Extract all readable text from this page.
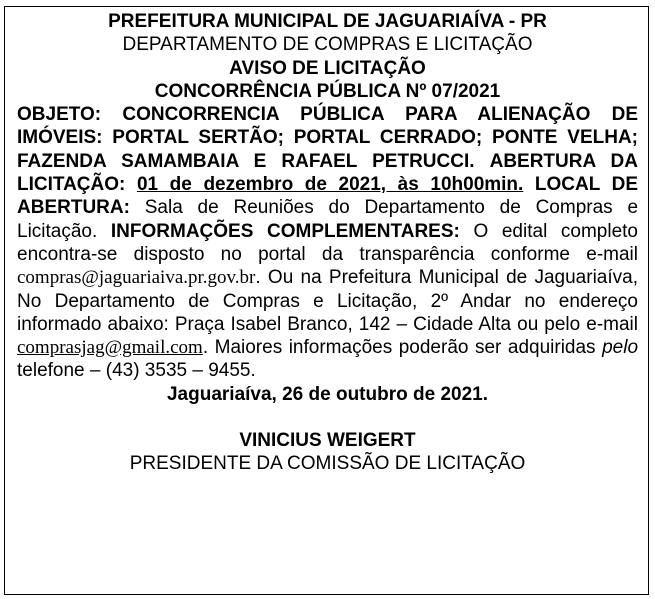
PREFEITURA MUNICIPAL DE JAGUARIAÍVA - PR
DEPARTAMENTO DE COMPRAS E LICITAÇÃO
AVISO DE LICITAÇÃO
CONCORRÊNCIA PÚBLICA Nº 07/2021
OBJETO: CONCORRENCIA PÚBLICA PARA ALIENAÇÃO DE IMÓVEIS: PORTAL SERTÃO; PORTAL CERRADO; PONTE VELHA; FAZENDA SAMAMBAIA E RAFAEL PETRUCCI. ABERTURA DA LICITAÇÃO: 01 de dezembro de 2021, às 10h00min. LOCAL DE ABERTURA: Sala de Reuniões do Departamento de Compras e Licitação. INFORMAÇÕES COMPLEMENTARES: O edital completo encontra-se disposto no portal da transparência conforme e-mail compras@jaguariaiva.pr.gov.br. Ou na Prefeitura Municipal de Jaguariaíva, No Departamento de Compras e Licitação, 2º Andar no endereço informado abaixo: Praça Isabel Branco, 142 – Cidade Alta ou pelo e-mail comprasjag@gmail.com. Maiores informações poderão ser adquiridas pelo telefone – (43) 3535 – 9455.
Jaguariaíva, 26 de outubro de 2021.
VINICIUS WEIGERT
PRESIDENTE DA COMISSÃO DE LICITAÇÃO
